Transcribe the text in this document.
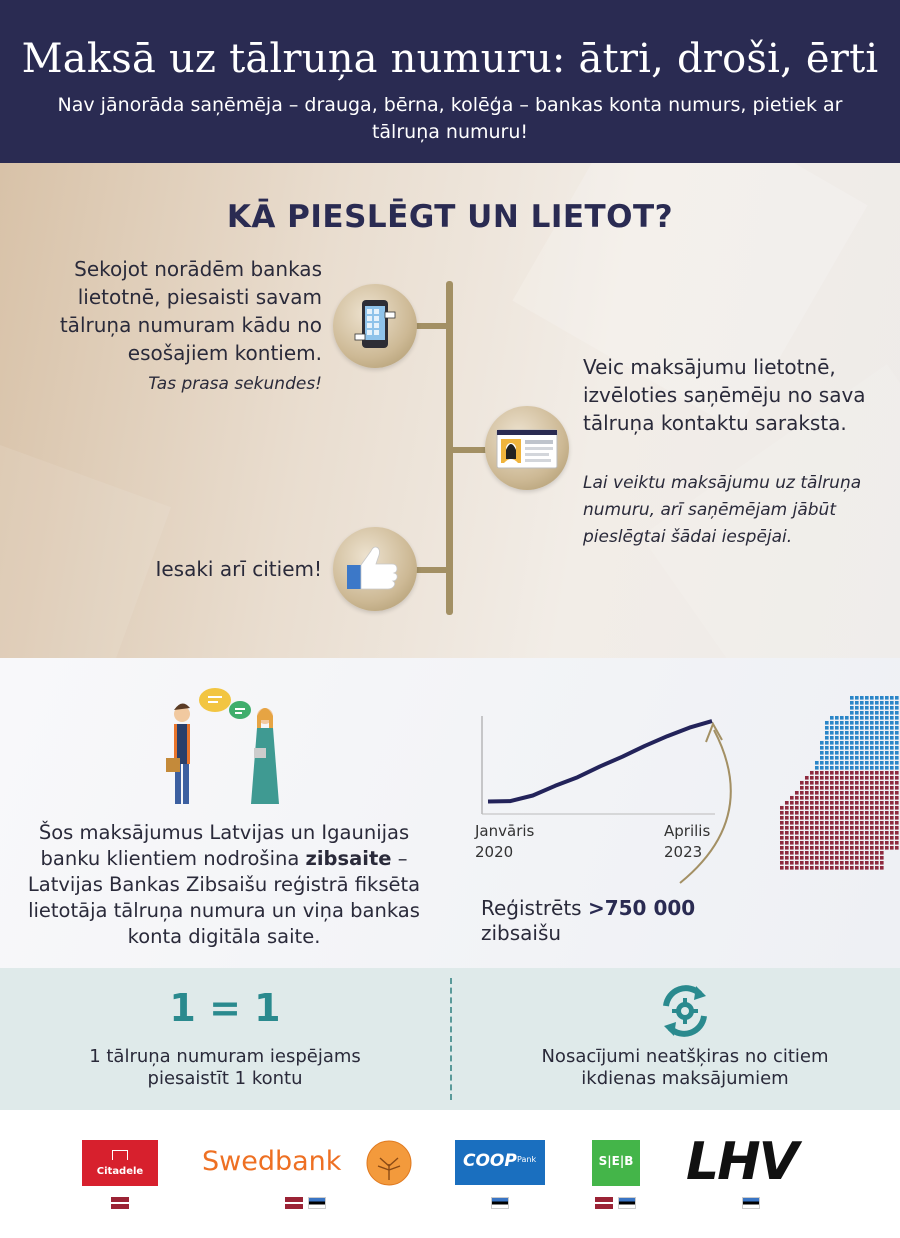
Maksā uz tālruņa numuru: ātri, droši, ērti
Nav jānorāda saņēmēja – drauga, bērna, kolēģa – bankas konta numurs, pietiek ar tālruņa numuru!
KĀ PIESLĒGT UN LIETOT?
Sekojot norādēm bankas lietotnē, piesaisti savam tālruņa numuram kādu no esošajiem kontiem.
Tas prasa sekundes!
Veic maksājumu lietotnē, izvēloties saņēmēju no sava tālruņa kontaktu saraksta.
Lai veiktu maksājumu uz tālruņa numuru, arī saņēmējam jābūt pieslēgtai šādai iespējai.
Iesaki arī citiem!
Šos maksājumus Latvijas un Igaunijas banku klientiem nodrošina zibsaite – Latvijas Bankas Zibsaišu reģistrā fiksēta lietotāja tālruņa numura un viņa bankas konta digitāla saite.
Janvāris 2020
Aprilis 2023
Reģistrēts >750 000
zibsaišu
1 = 1
1 tālruņa numuram iespējams piesaistīt 1 kontu
Nosacījumi neatšķiras no citiem ikdienas maksājumiem
Citadele	Swedbank	COOP Pank	S|E|B LHV
